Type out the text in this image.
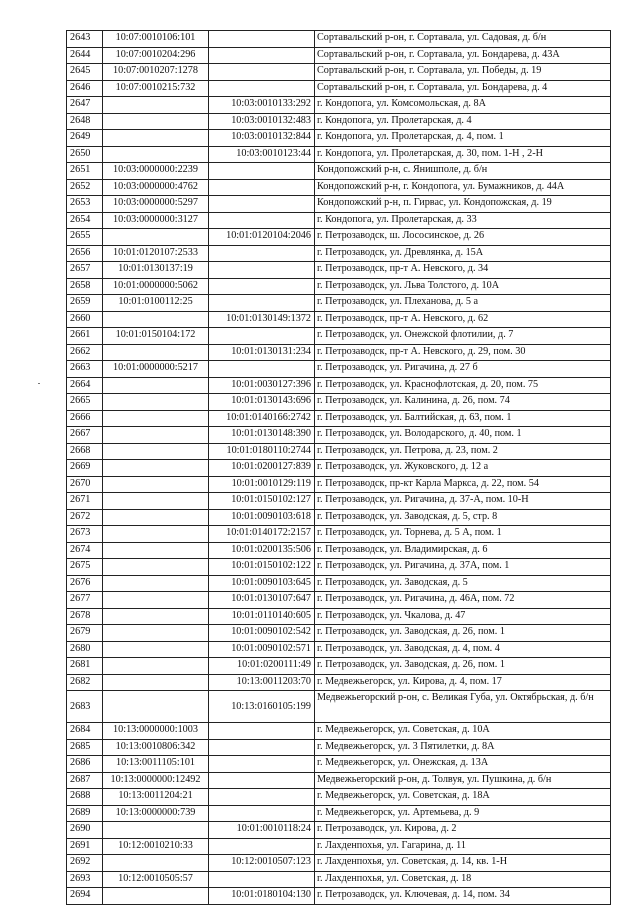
2643	10:07:0010106:101		Сортавальский р-он, г. Сортавала, ул. Садовая, д. б/н
2644	10:07:0010204:296		Сортавальский р-он, г. Сортавала, ул. Бондарева, д. 43А
2645	10:07:0010207:1278		Сортавальский р-он, г. Сортавала, ул. Победы, д. 19
2646	10:07:0010215:732		Сортавальский р-он, г. Сортавала, ул. Бондарева, д. 4
2647		10:03:0010133:292	г. Кондопога, ул. Комсомольская, д. 8А
2648		10:03:0010132:483	г. Кондопога, ул. Пролетарская, д. 4
2649		10:03:0010132:844	г. Кондопога, ул. Пролетарская, д. 4, пом. 1
2650		10:03:0010123:44	г. Кондопога, ул. Пролетарская, д. 30, пом. 1-Н , 2-Н
2651	10:03:0000000:2239		Кондопожский р-н, с. Янишполе, д. б/н
2652	10:03:0000000:4762		Кондопожский р-н, г. Кондопога, ул. Бумажников, д. 44А
2653	10:03:0000000:5297		Кондопожский р-н, п. Гирвас, ул. Кондопожская, д. 19
2654	10:03:0000000:3127		г. Кондопога, ул. Пролетарская, д. 33
2655		10:01:0120104:2046	г. Петрозаводск, ш. Лососинское, д. 26
2656	10:01:0120107:2533		г. Петрозаводск, ул. Древлянка, д. 15А
2657	10:01:0130137:19		г. Петрозаводск, пр-т А. Невского, д. 34
2658	10:01:0000000:5062		г. Петрозаводск, ул. Льва Толстого, д. 10А
2659	10:01:0100112:25		г. Петрозаводск, ул. Плеханова, д. 5 а
2660		10:01:0130149:1372	г. Петрозаводск, пр-т А. Невского, д. 62
2661	10:01:0150104:172		г. Петрозаводск, ул. Онежской флотилии, д. 7
2662		10:01:0130131:234	г. Петрозаводск, пр-т А. Невского, д. 29, пом. 30
2663	10:01:0000000:5217		г. Петрозаводск, ул. Ригачина, д. 27 б
2664		10:01:0030127:396	г. Петрозаводск, ул. Краснофлотская, д. 20, пом. 75
2665		10:01:0130143:696	г. Петрозаводск, ул. Калинина, д. 26, пом. 74
2666		10:01:0140166:2742	г. Петрозаводск, ул. Балтийская, д. 63, пом. 1
2667		10:01:0130148:390	г. Петрозаводск, ул. Володарского, д. 40, пом. 1
2668		10:01:0180110:2744	г. Петрозаводск, ул. Петрова, д. 23, пом. 2
2669		10:01:0200127:839	г. Петрозаводск, ул. Жуковского, д. 12 а
2670		10:01:0010129:119	г. Петрозаводск, пр-кт Карла Маркса, д. 22, пом. 54
2671		10:01:0150102:127	г. Петрозаводск, ул. Ригачина, д. 37-А, пом. 10-Н
2672		10:01:0090103:618	г. Петрозаводск, ул. Заводская, д. 5, стр. 8
2673		10:01:0140172:2157	г. Петрозаводск, ул. Торнева, д. 5 А, пом. 1
2674		10:01:0200135:506	г. Петрозаводск, ул. Владимирская, д. 6
2675		10:01:0150102:122	г. Петрозаводск, ул. Ригачина, д. 37А, пом. 1
2676		10:01:0090103:645	г. Петрозаводск, ул. Заводская, д. 5
2677		10:01:0130107:647	г. Петрозаводск, ул. Ригачина, д. 46А, пом. 72
2678		10:01:0110140:605	г. Петрозаводск, ул. Чкалова, д. 47
2679		10:01:0090102:542	г. Петрозаводск, ул. Заводская, д. 26, пом. 1
2680		10:01:0090102:571	г. Петрозаводск, ул. Заводская, д. 4, пом. 4
2681		10:01:0200111:49	г. Петрозаводск, ул. Заводская, д. 26, пом. 1
2682		10:13:0011203:70	г. Медвежьегорск, ул. Кирова, д. 4, пом. 17
2683		10:13:0160105:199	Медвежьегорский р-он, с. Великая Губа, ул. Октябрьская, д. б/н
2684	10:13:0000000:1003		г. Медвежьегорск, ул. Советская, д. 10А
2685	10:13:0010806:342		г. Медвежьегорск, ул. 3 Пятилетки, д. 8А
2686	10:13:0011105:101		г. Медвежьегорск, ул. Онежская, д. 13А
2687	10:13:0000000:12492		Медвежьегорский р-он, д. Толвуя, ул. Пушкина, д. б/н
2688	10:13:0011204:21		г. Медвежьегорск, ул. Советская, д. 18А
2689	10:13:0000000:739		г. Медвежьегорск, ул. Артемьева, д. 9
2690		10:01:0010118:24	г. Петрозаводск, ул. Кирова, д. 2
2691	10:12:0010210:33		г. Лахденпохья, ул. Гагарина, д. 11
2692		10:12:0010507:123	г. Лахденпохья, ул. Советская, д. 14, кв. 1-Н
2693	10:12:0010505:57		г. Лахденпохья, ул. Советская, д. 18
2694		10:01:0180104:130	г. Петрозаводск, ул. Ключевая, д. 14, пом. 34
